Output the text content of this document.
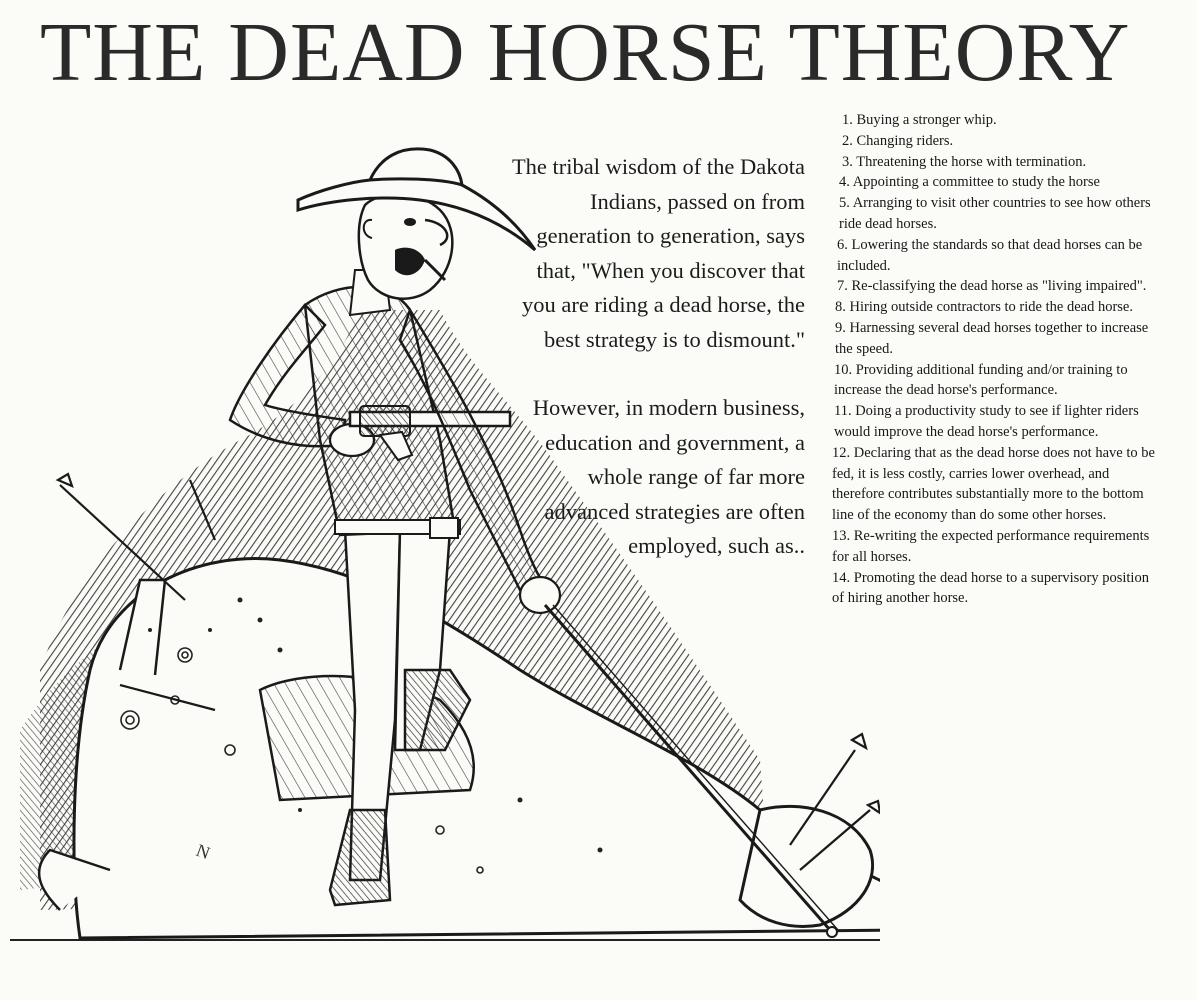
THE DEAD HORSE THEORY
N

The tribal wisdom of the Dakota Indians, passed on from generation to generation, says that, "When you discover that you are riding a dead horse, the best strategy is to dismount."

However, in modern business, education and government, a whole range of far more advanced strategies are often employed, such as..

1. Buying a stronger whip.
2. Changing riders.
3. Threatening the horse with termination.
4. Appointing a committee to study the horse
5. Arranging to visit other countries to see how others ride dead horses.
6. Lowering the standards so that dead horses can be included.
7. Re-classifying the dead horse as "living impaired".
8. Hiring outside contractors to ride the dead horse.
9. Harnessing several dead horses together to increase the speed.
10. Providing additional funding and/or training to increase the dead horse's performance.
11. Doing a productivity study to see if lighter riders would improve the dead horse's performance.
12. Declaring that as the dead horse does not have to be fed, it is less costly, carries lower overhead, and therefore contributes substantially more to the bottom line of the economy than do some other horses.
13. Re-writing the expected performance requirements for all horses.
14. Promoting the dead horse to a supervisory position of hiring another horse.
